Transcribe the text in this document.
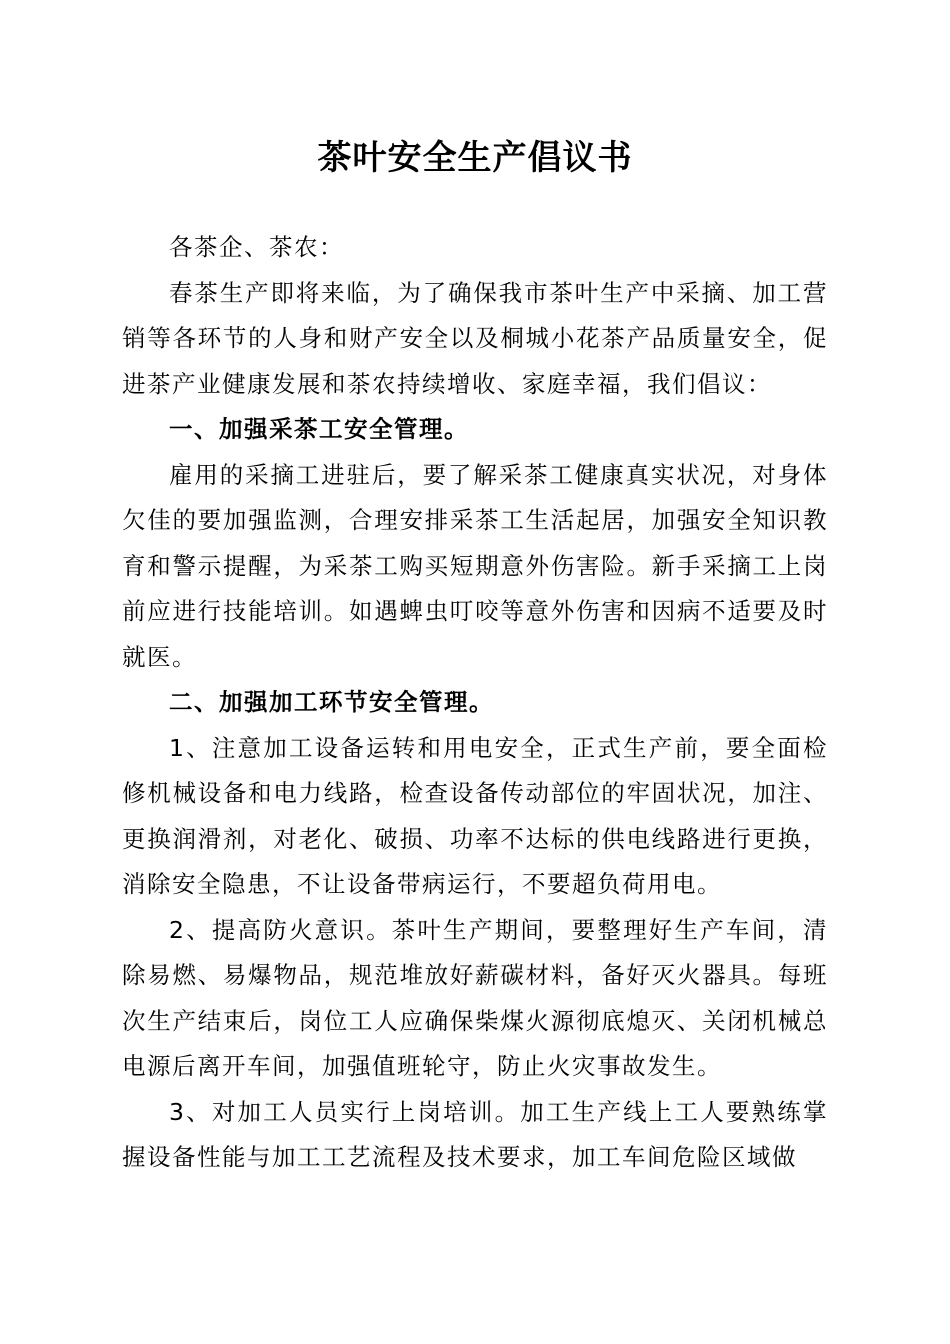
茶叶安全生产倡议书

各茶企、茶农：

春茶生产即将来临，为了确保我市茶叶生产中采摘、加工营销等各环节的人身和财产安全以及桐城小花茶产品质量安全，促进茶产业健康发展和茶农持续增收、家庭幸福，我们倡议：

一、加强采茶工安全管理。

雇用的采摘工进驻后，要了解采茶工健康真实状况，对身体欠佳的要加强监测，合理安排采茶工生活起居，加强安全知识教育和警示提醒，为采茶工购买短期意外伤害险。新手采摘工上岗前应进行技能培训。如遇蜱虫叮咬等意外伤害和因病不适要及时就医。

二、加强加工环节安全管理。

1、注意加工设备运转和用电安全，正式生产前，要全面检修机械设备和电力线路，检查设备传动部位的牢固状况，加注、更换润滑剂，对老化、破损、功率不达标的供电线路进行更换，消除安全隐患，不让设备带病运行，不要超负荷用电。

2、提高防火意识。茶叶生产期间，要整理好生产车间，清除易燃、易爆物品，规范堆放好薪碳材料，备好灭火器具。每班次生产结束后，岗位工人应确保柴煤火源彻底熄灭、关闭机械总电源后离开车间，加强值班轮守，防止火灾事故发生。

3、对加工人员实行上岗培训。加工生产线上工人要熟练掌握设备性能与加工工艺流程及技术要求，加工车间危险区域做
